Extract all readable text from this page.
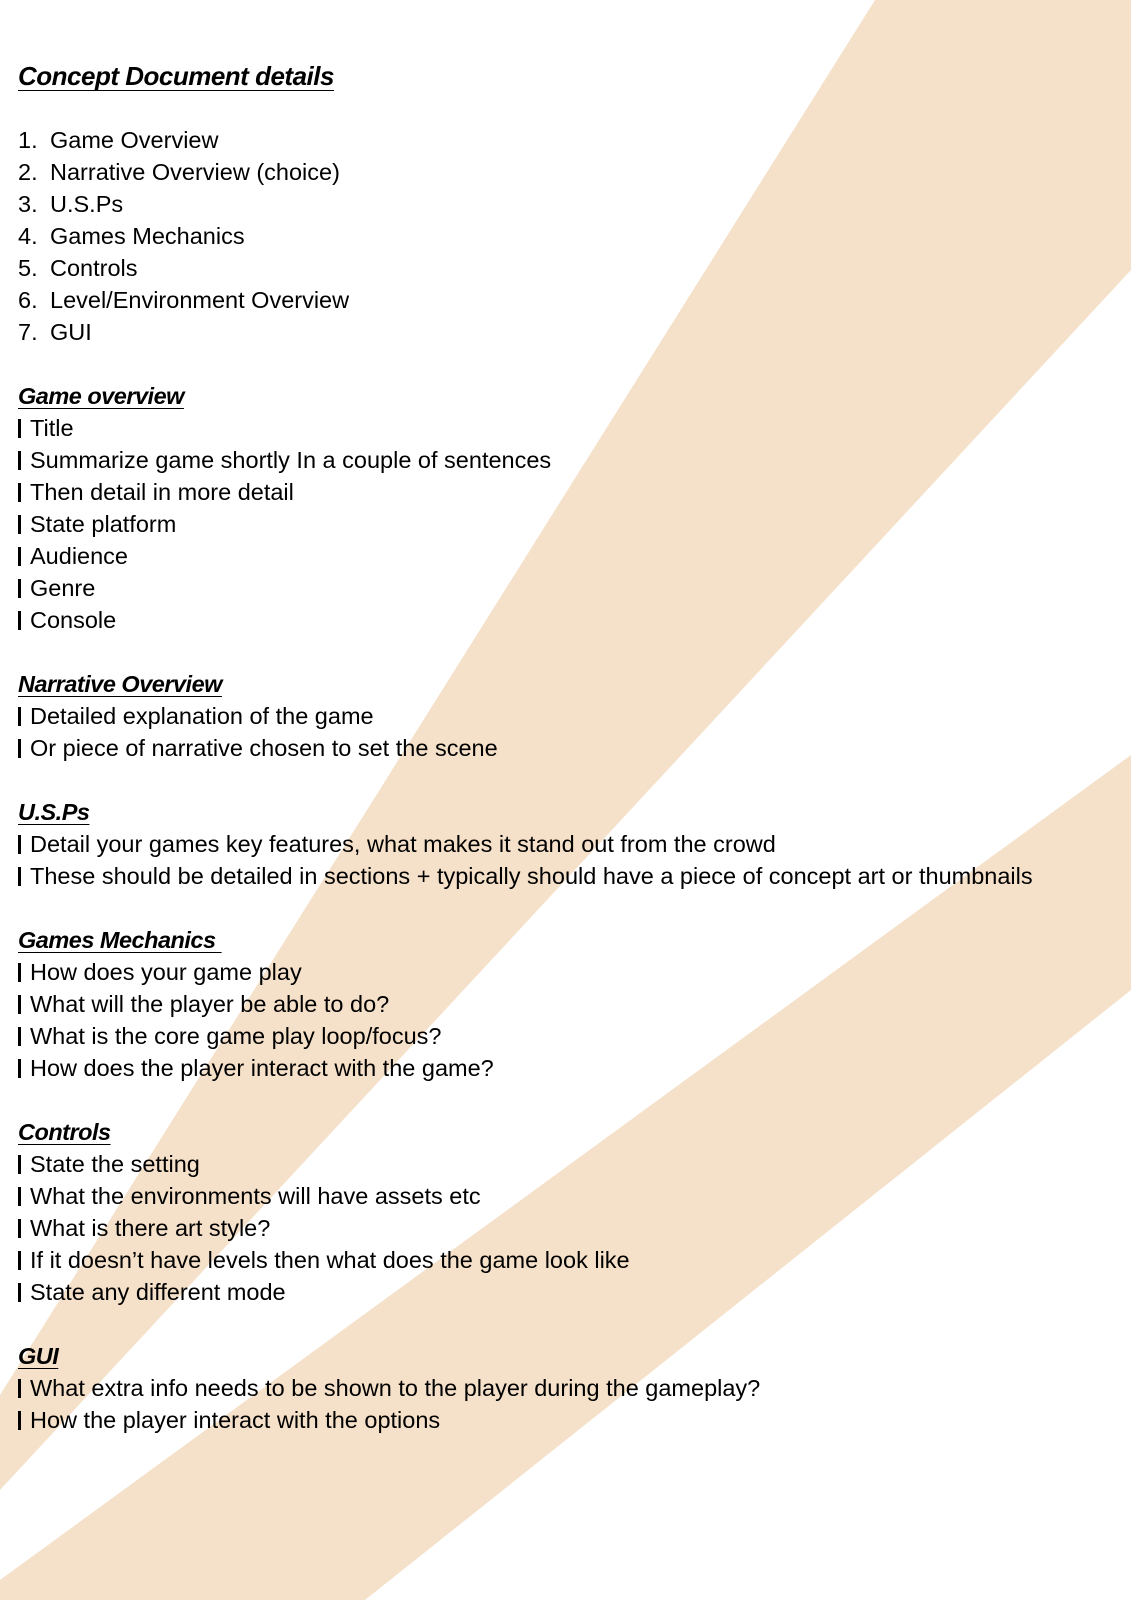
Concept Document details
1. Game Overview
2. Narrative Overview (choice)
3. U.S.Ps
4. Games Mechanics
5. Controls
6. Level/Environment Overview
7. GUI
Game overview
Title
Summarize game shortly In a couple of sentences
Then detail in more detail
State platform
Audience
Genre
Console
Narrative Overview
Detailed explanation of the game
Or piece of narrative chosen to set the scene
U.S.Ps
Detail your games key features, what makes it stand out from the crowd
These should be detailed in sections + typically should have a piece of concept art or thumbnails
Games Mechanics
How does your game play
What will the player be able to do?
What is the core game play loop/focus?
How does the player interact with the game?
Controls
State the setting
What the environments will have assets etc
What is there art style?
If it doesn’t have levels then what does the game look like
State any different mode
GUI
What extra info needs to be shown to the player during the gameplay?
How the player interact with the options
